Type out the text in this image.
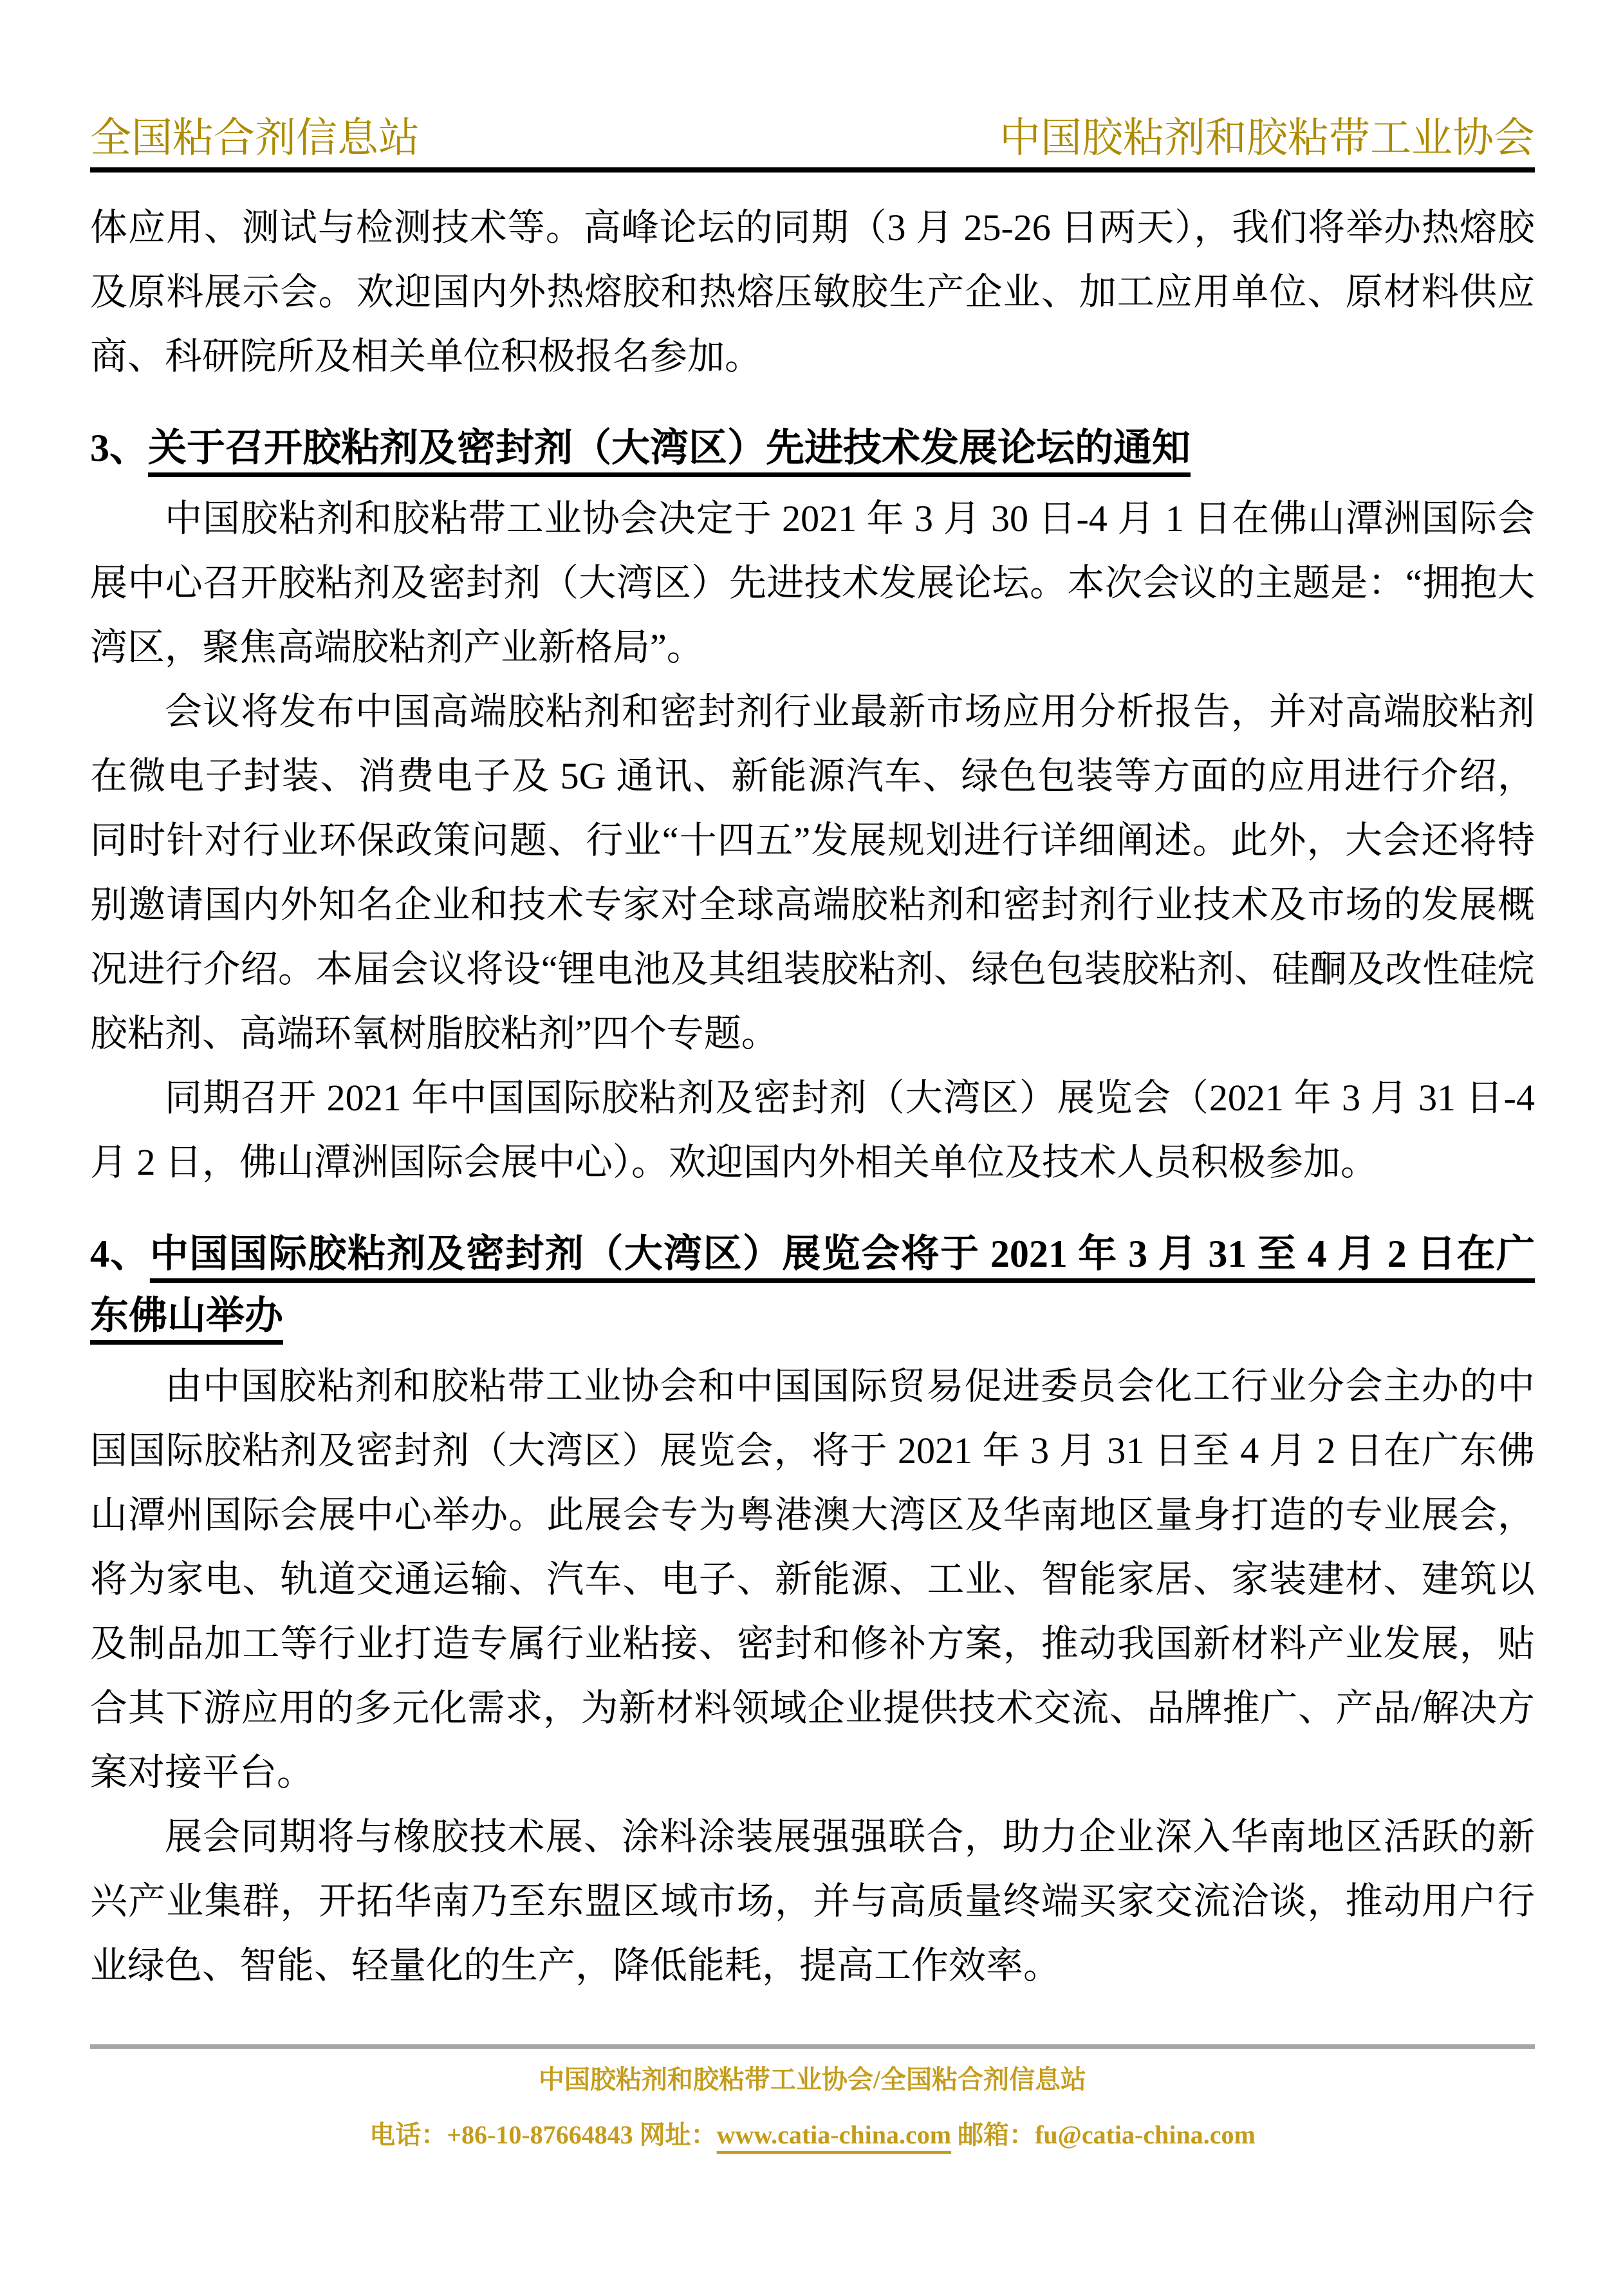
全国粘合剂信息站	中国胶粘剂和胶粘带工业协会

体应用、测试与检测技术等。高峰论坛的同期（3 月 25-26 日两天），我们将举办热熔胶及原料展示会。欢迎国内外热熔胶和热熔压敏胶生产企业、加工应用单位、原材料供应商、科研院所及相关单位积极报名参加。

3、关于召开胶粘剂及密封剂（大湾区）先进技术发展论坛的通知

中国胶粘剂和胶粘带工业协会决定于 2021 年 3 月 30 日-4 月 1 日在佛山潭洲国际会展中心召开胶粘剂及密封剂（大湾区）先进技术发展论坛。本次会议的主题是：“拥抱大湾区，聚焦高端胶粘剂产业新格局”。

会议将发布中国高端胶粘剂和密封剂行业最新市场应用分析报告，并对高端胶粘剂在微电子封装、消费电子及 5G 通讯、新能源汽车、绿色包装等方面的应用进行介绍，同时针对行业环保政策问题、行业“十四五”发展规划进行详细阐述。此外，大会还将特别邀请国内外知名企业和技术专家对全球高端胶粘剂和密封剂行业技术及市场的发展概况进行介绍。本届会议将设“锂电池及其组装胶粘剂、绿色包装胶粘剂、硅酮及改性硅烷胶粘剂、高端环氧树脂胶粘剂”四个专题。

同期召开 2021 年中国国际胶粘剂及密封剂（大湾区）展览会（2021 年 3 月 31 日-4 月 2 日，佛山潭洲国际会展中心）。欢迎国内外相关单位及技术人员积极参加。

4、中国国际胶粘剂及密封剂（大湾区）展览会将于 2021 年 3 月 31 至 4 月 2 日在广东佛山举办

由中国胶粘剂和胶粘带工业协会和中国国际贸易促进委员会化工行业分会主办的中国国际胶粘剂及密封剂（大湾区）展览会，将于 2021 年 3 月 31 日至 4 月 2 日在广东佛山潭州国际会展中心举办。此展会专为粤港澳大湾区及华南地区量身打造的专业展会，将为家电、轨道交通运输、汽车、电子、新能源、工业、智能家居、家装建材、建筑以及制品加工等行业打造专属行业粘接、密封和修补方案，推动我国新材料产业发展，贴合其下游应用的多元化需求，为新材料领域企业提供技术交流、品牌推广、产品/解决方案对接平台。

展会同期将与橡胶技术展、涂料涂装展强强联合，助力企业深入华南地区活跃的新兴产业集群，开拓华南乃至东盟区域市场，并与高质量终端买家交流洽谈，推动用户行业绿色、智能、轻量化的生产，降低能耗，提高工作效率。

中国胶粘剂和胶粘带工业协会/全国粘合剂信息站
电话：+86-10-87664843 网址：www.catia-china.com 邮箱：fu@catia-china.com
